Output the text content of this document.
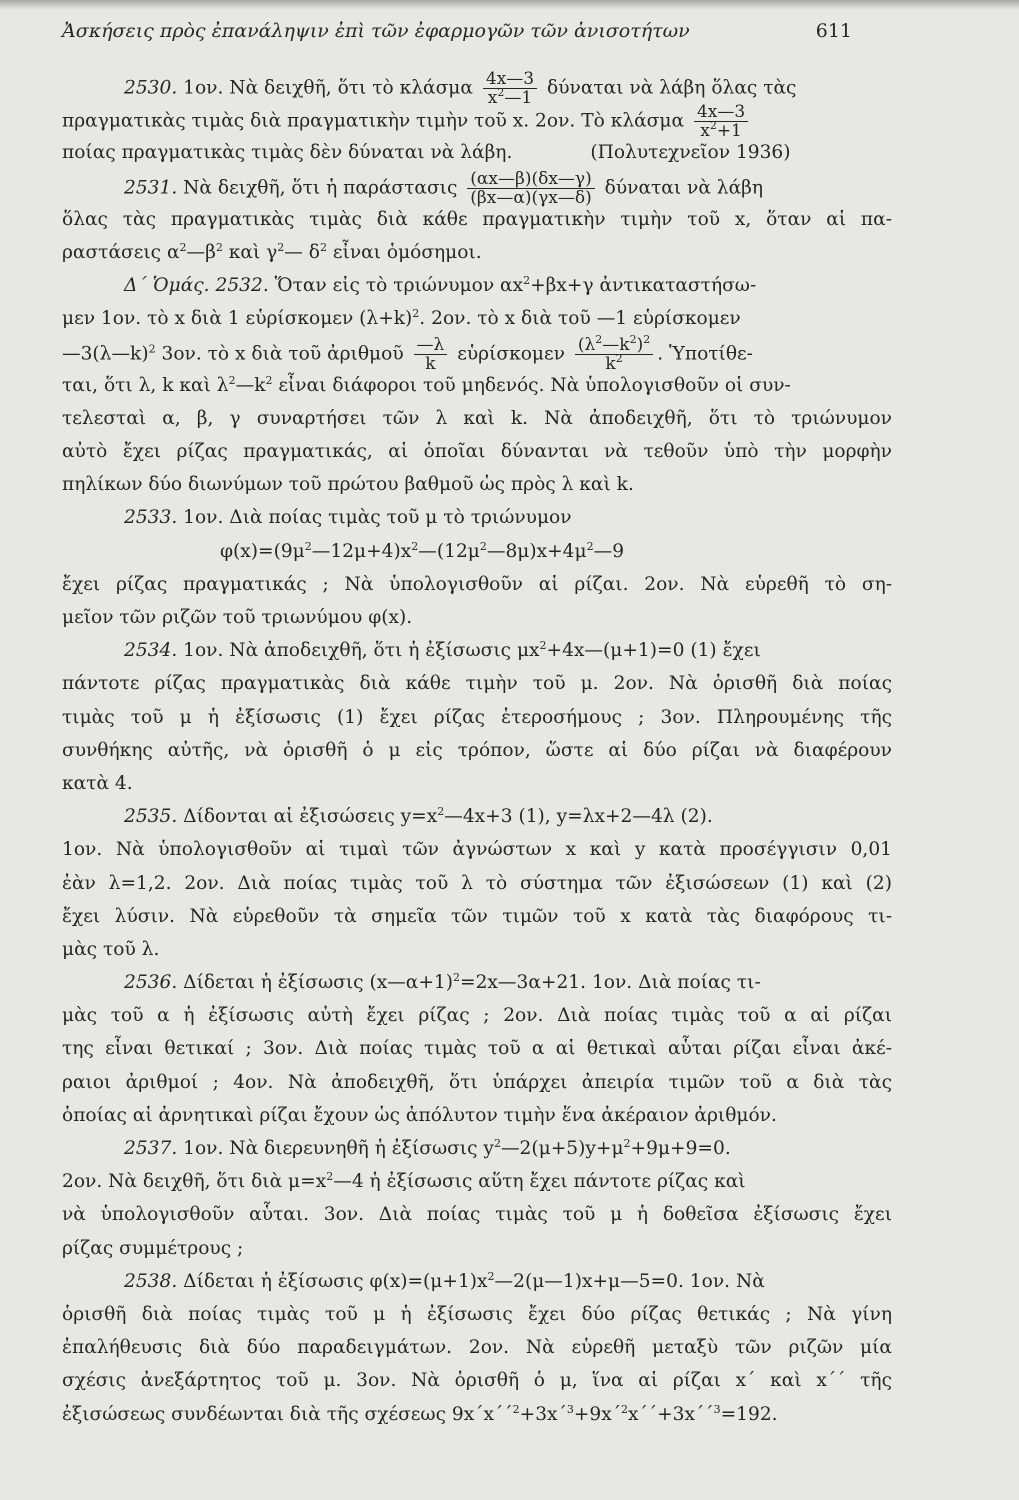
Ἀσκήσεις πρὸς ἐπανάληψιν ἐπὶ τῶν ἐφαρμογῶν τῶν ἀνισοτήτων	611
2530. 1ον. Νὰ δειχθῆ, ὅτι τὸ κλάσμα $\frac{4x—3}{x^2—1}$ δύναται νὰ λάβη ὅλας τὰς
πραγματικὰς τιμὰς διὰ πραγματικὴν τιμὴν τοῦ x. 2ον. Τὸ κλάσμα $\frac{4x—3}{x^2+1}$
ποίας πραγματικὰς τιμὰς δὲν δύναται νὰ λάβη.	(Πολυτεχνεῖον 1936)
2531. Νὰ δειχθῆ, ὅτι ἡ παράστασις $\frac{(\alpha x—\beta)(\delta x—\gamma)}{(\beta x—\alpha)(\gamma x—\delta)}$ δύναται νὰ λάβη
ὅλας τὰς πραγματικὰς τιμὰς διὰ κάθε πραγματικὴν τιμὴν τοῦ x, ὅταν αἱ πα-
ραστάσεις $\alpha^2—\beta^2$ καὶ $\gamma^2—$ $\delta^2$ εἶναι ὁμόσημοι.
Δ΄ Ὁμάς. 2532. Ὅταν εἰς τὸ τριώνυμον $\alpha x^2+\beta x+\gamma$ ἀντικαταστήσω-
μεν 1ον. τὸ x διὰ 1 εὑρίσκομεν $(\lambda+k)^2$. 2ον. τὸ x διὰ τοῦ —1 εὑρίσκομεν
—3(λ—k)$^2$ 3ον. τὸ x διὰ τοῦ ἀριθμοῦ $\frac{—\lambda}{k}$ εὑρίσκομεν $\frac{(\lambda^2—k^2)^2}{k^2}$ . Ὑποτίθε-
ται, ὅτι λ, k καὶ $\lambda^2—k^2$ εἶναι διάφοροι τοῦ μηδενός. Νὰ ὑπολογισθοῦν οἱ συν-
τελεσταὶ α, β, γ συναρτήσει τῶν λ καὶ k. Νὰ ἀποδειχθῆ, ὅτι τὸ τριώνυμον
αὐτὸ ἔχει ρίζας πραγματικάς, αἱ ὁποῖαι δύνανται νὰ τεθοῦν ὑπὸ τὴν μορφὴν
πηλίκων δύο διωνύμων τοῦ πρώτου βαθμοῦ ὡς πρὸς λ καὶ k.
2533. 1ον. Διὰ ποίας τιμὰς τοῦ μ τὸ τριώνυμον
$\varphi(x)=(9\mu^2—12\mu+4)x^2—(12\mu^2—8\mu)x+4\mu^2—9$
ἔχει ρίζας πραγματικάς ; Νὰ ὑπολογισθοῦν αἱ ρίζαι. 2ον. Νὰ εὑρεθῆ τὸ ση-
μεῖον τῶν ριζῶν τοῦ τριωνύμου φ(x).
2534. 1ον. Νὰ ἀποδειχθῆ, ὅτι ἡ ἐξίσωσις $\mu x^2+4x—(\mu+1)=0$ (1) ἔχει
πάντοτε ρίζας πραγματικὰς διὰ κάθε τιμὴν τοῦ μ. 2ον. Νὰ ὁρισθῆ διὰ ποίας
τιμὰς τοῦ μ ἡ ἐξίσωσις (1) ἔχει ρίζας ἑτεροσήμους ; 3ον. Πληρουμένης τῆς
συνθήκης αὐτῆς, νὰ ὁρισθῆ ὁ μ εἰς τρόπον, ὥστε αἱ δύο ρίζαι νὰ διαφέρουν
κατὰ 4.
2535. Δίδονται αἱ ἐξισώσεις $y=x^2—4x+3$ (1), y=λx+2—4λ (2).
1ον. Νὰ ὑπολογισθοῦν αἱ τιμαὶ τῶν ἀγνώστων x καὶ y κατὰ προσέγγισιν 0,01
ἐὰν λ=1,2. 2ον. Διὰ ποίας τιμὰς τοῦ λ τὸ σύστημα τῶν ἐξισώσεων (1) καὶ (2)
ἔχει λύσιν. Νὰ εὑρεθοῦν τὰ σημεῖα τῶν τιμῶν τοῦ x κατὰ τὰς διαφόρους τι-
μὰς τοῦ λ.
2536. Δίδεται ἡ ἐξίσωσις (x—α+1)$^2$=2x—3α+21. 1ον. Διὰ ποίας τι-
μὰς τοῦ α ἡ ἐξίσωσις αὐτὴ ἔχει ρίζας ; 2ον. Διὰ ποίας τιμὰς τοῦ α αἱ ρίζαι
της εἶναι θετικαί ; 3ον. Διὰ ποίας τιμὰς τοῦ α αἱ θετικαὶ αὗται ρίζαι εἶναι ἀκέ-
ραιοι ἀριθμοί ; 4ον. Νὰ ἀποδειχθῆ, ὅτι ὑπάρχει ἀπειρία τιμῶν τοῦ α διὰ τὰς
ὁποίας αἱ ἀρνητικαὶ ρίζαι ἔχουν ὡς ἀπόλυτον τιμὴν ἕνα ἀκέραιον ἀριθμόν.
2537. 1ον. Νὰ διερευνηθῆ ἡ ἐξίσωσις $y^2—2(\mu+5)y+\mu^2+9\mu+9=0$.
2ον. Νὰ δειχθῆ, ὅτι διὰ $\mu=x^2—4$ ἡ ἐξίσωσις αὕτη ἔχει πάντοτε ρίζας καὶ
νὰ ὑπολογισθοῦν αὗται. 3ον. Διὰ ποίας τιμὰς τοῦ μ ἡ δοθεῖσα ἐξίσωσις ἔχει
ρίζας συμμέτρους ;
2538. Δίδεται ἡ ἐξίσωσις $\varphi(x)=(\mu+1)x^2—2(\mu—1)x+\mu—5=0$. 1ον. Νὰ
ὁρισθῆ διὰ ποίας τιμὰς τοῦ μ ἡ ἐξίσωσις ἔχει δύο ρίζας θετικάς ; Νὰ γίνη
ἐπαλήθευσις διὰ δύο παραδειγμάτων. 2ον. Νὰ εὑρεθῆ μεταξὺ τῶν ριζῶν μία
σχέσις ἀνεξάρτητος τοῦ μ. 3ον. Νὰ ὁρισθῆ ὁ μ, ἵνα αἱ ρίζαι x΄ καὶ x΄΄ τῆς
ἐξισώσεως συνδέωνται διὰ τῆς σχέσεως 9x΄x΄΄$^2$+3x΄$^3$+9x΄$^2$x΄΄+3x΄΄$^3$=192.
